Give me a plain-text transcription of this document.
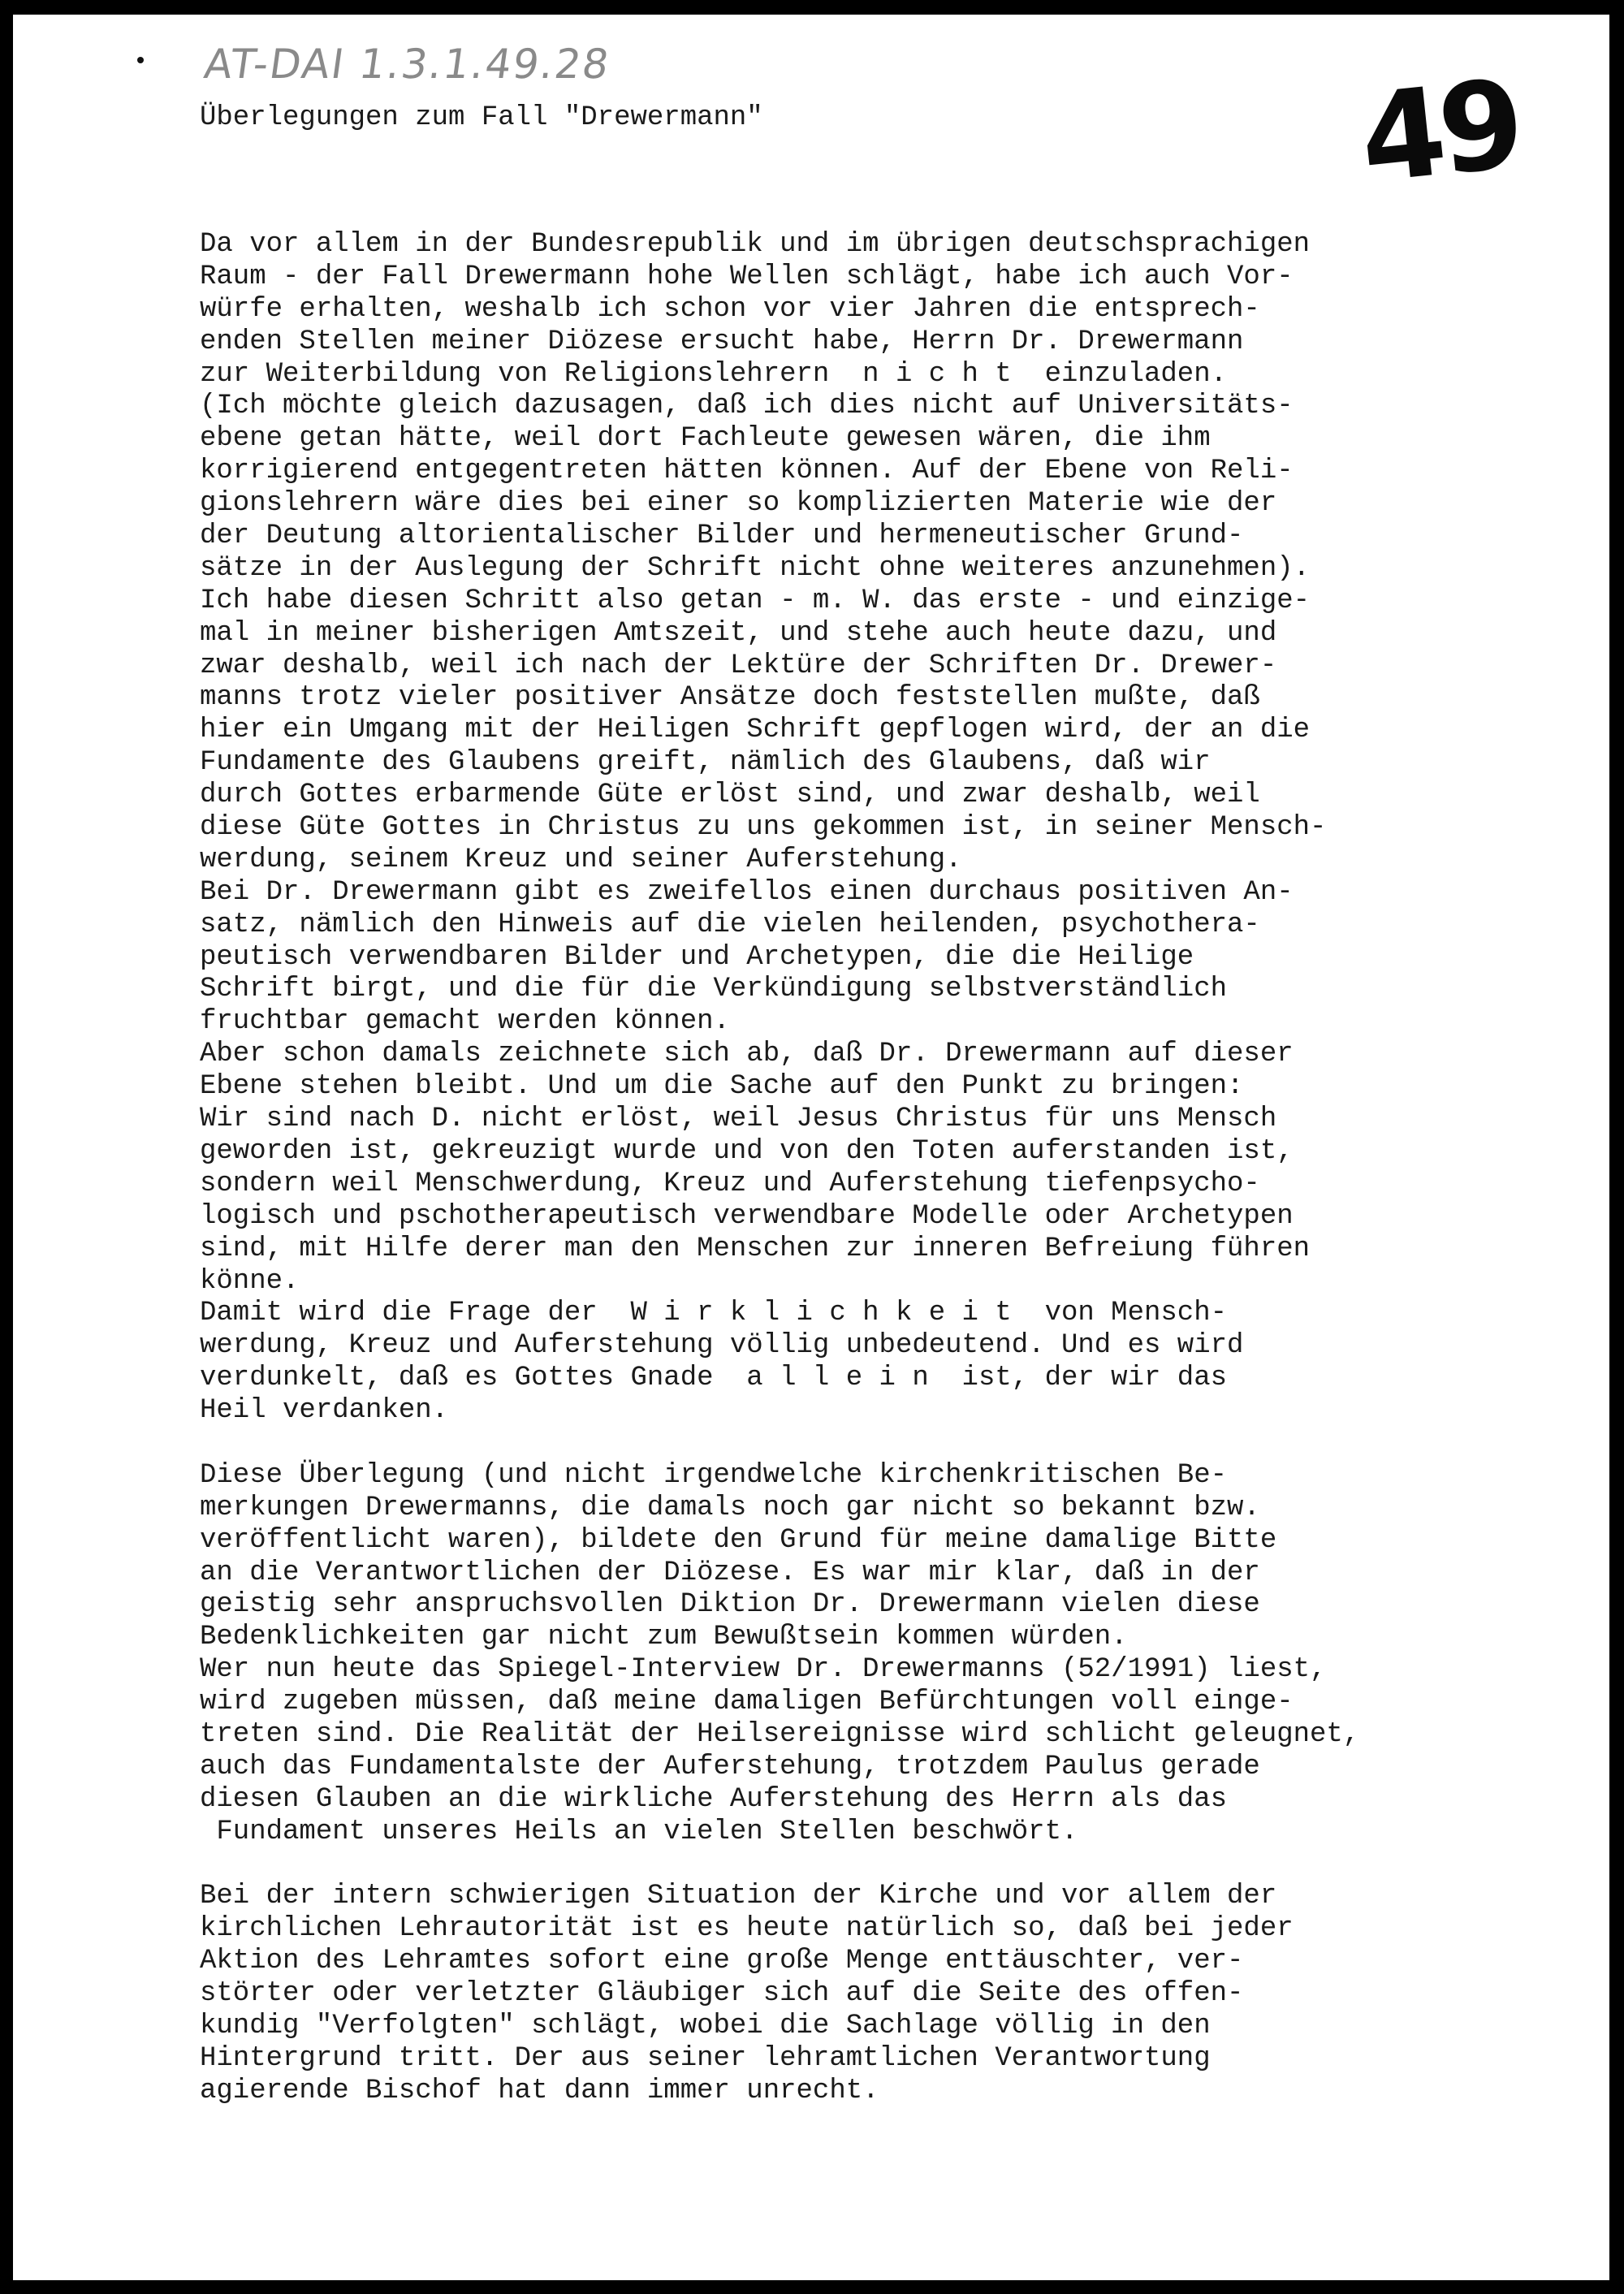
AT-DAI 1.3.1.49.28	49
Überlegungen zum Fall "Drewermann"
Da vor allem in der Bundesrepublik und im übrigen deutschsprachigen
Raum - der Fall Drewermann hohe Wellen schlägt, habe ich auch Vor-
würfe erhalten, weshalb ich schon vor vier Jahren die entsprech-
enden Stellen meiner Diözese ersucht habe, Herrn Dr. Drewermann
zur Weiterbildung von Religionslehrern  n i c h t  einzuladen.
(Ich möchte gleich dazusagen, daß ich dies nicht auf Universitäts-
ebene getan hätte, weil dort Fachleute gewesen wären, die ihm
korrigierend entgegentreten hätten können. Auf der Ebene von Reli-
gionslehrern wäre dies bei einer so komplizierten Materie wie der
der Deutung altorientalischer Bilder und hermeneutischer Grund-
sätze in der Auslegung der Schrift nicht ohne weiteres anzunehmen).
Ich habe diesen Schritt also getan - m. W. das erste - und einzige-
mal in meiner bisherigen Amtszeit, und stehe auch heute dazu, und
zwar deshalb, weil ich nach der Lektüre der Schriften Dr. Drewer-
manns trotz vieler positiver Ansätze doch feststellen mußte, daß
hier ein Umgang mit der Heiligen Schrift gepflogen wird, der an die
Fundamente des Glaubens greift, nämlich des Glaubens, daß wir
durch Gottes erbarmende Güte erlöst sind, und zwar deshalb, weil
diese Güte Gottes in Christus zu uns gekommen ist, in seiner Mensch-
werdung, seinem Kreuz und seiner Auferstehung.
Bei Dr. Drewermann gibt es zweifellos einen durchaus positiven An-
satz, nämlich den Hinweis auf die vielen heilenden, psychothera-
peutisch verwendbaren Bilder und Archetypen, die die Heilige
Schrift birgt, und die für die Verkündigung selbstverständlich
fruchtbar gemacht werden können.
Aber schon damals zeichnete sich ab, daß Dr. Drewermann auf dieser
Ebene stehen bleibt. Und um die Sache auf den Punkt zu bringen:
Wir sind nach D. nicht erlöst, weil Jesus Christus für uns Mensch
geworden ist, gekreuzigt wurde und von den Toten auferstanden ist,
sondern weil Menschwerdung, Kreuz und Auferstehung tiefenpsycho-
logisch und pschotherapeutisch verwendbare Modelle oder Archetypen
sind, mit Hilfe derer man den Menschen zur inneren Befreiung führen
könne.
Damit wird die Frage der  W i r k l i c h k e i t  von Mensch-
werdung, Kreuz und Auferstehung völlig unbedeutend. Und es wird
verdunkelt, daß es Gottes Gnade  a l l e i n  ist, der wir das
Heil verdanken.
Diese Überlegung (und nicht irgendwelche kirchenkritischen Be-
merkungen Drewermanns, die damals noch gar nicht so bekannt bzw.
veröffentlicht waren), bildete den Grund für meine damalige Bitte
an die Verantwortlichen der Diözese. Es war mir klar, daß in der
geistig sehr anspruchsvollen Diktion Dr. Drewermann vielen diese
Bedenklichkeiten gar nicht zum Bewußtsein kommen würden.
Wer nun heute das Spiegel-Interview Dr. Drewermanns (52/1991) liest,
wird zugeben müssen, daß meine damaligen Befürchtungen voll einge-
treten sind. Die Realität der Heilsereignisse wird schlicht geleugnet,
auch das Fundamentalste der Auferstehung, trotzdem Paulus gerade
diesen Glauben an die wirkliche Auferstehung des Herrn als das
Fundament unseres Heils an vielen Stellen beschwört.
Bei der intern schwierigen Situation der Kirche und vor allem der
kirchlichen Lehrautorität ist es heute natürlich so, daß bei jeder
Aktion des Lehramtes sofort eine große Menge enttäuschter, ver-
störter oder verletzter Gläubiger sich auf die Seite des offen-
kundig "Verfolgten" schlägt, wobei die Sachlage völlig in den
Hintergrund tritt. Der aus seiner lehramtlichen Verantwortung
agierende Bischof hat dann immer unrecht.
